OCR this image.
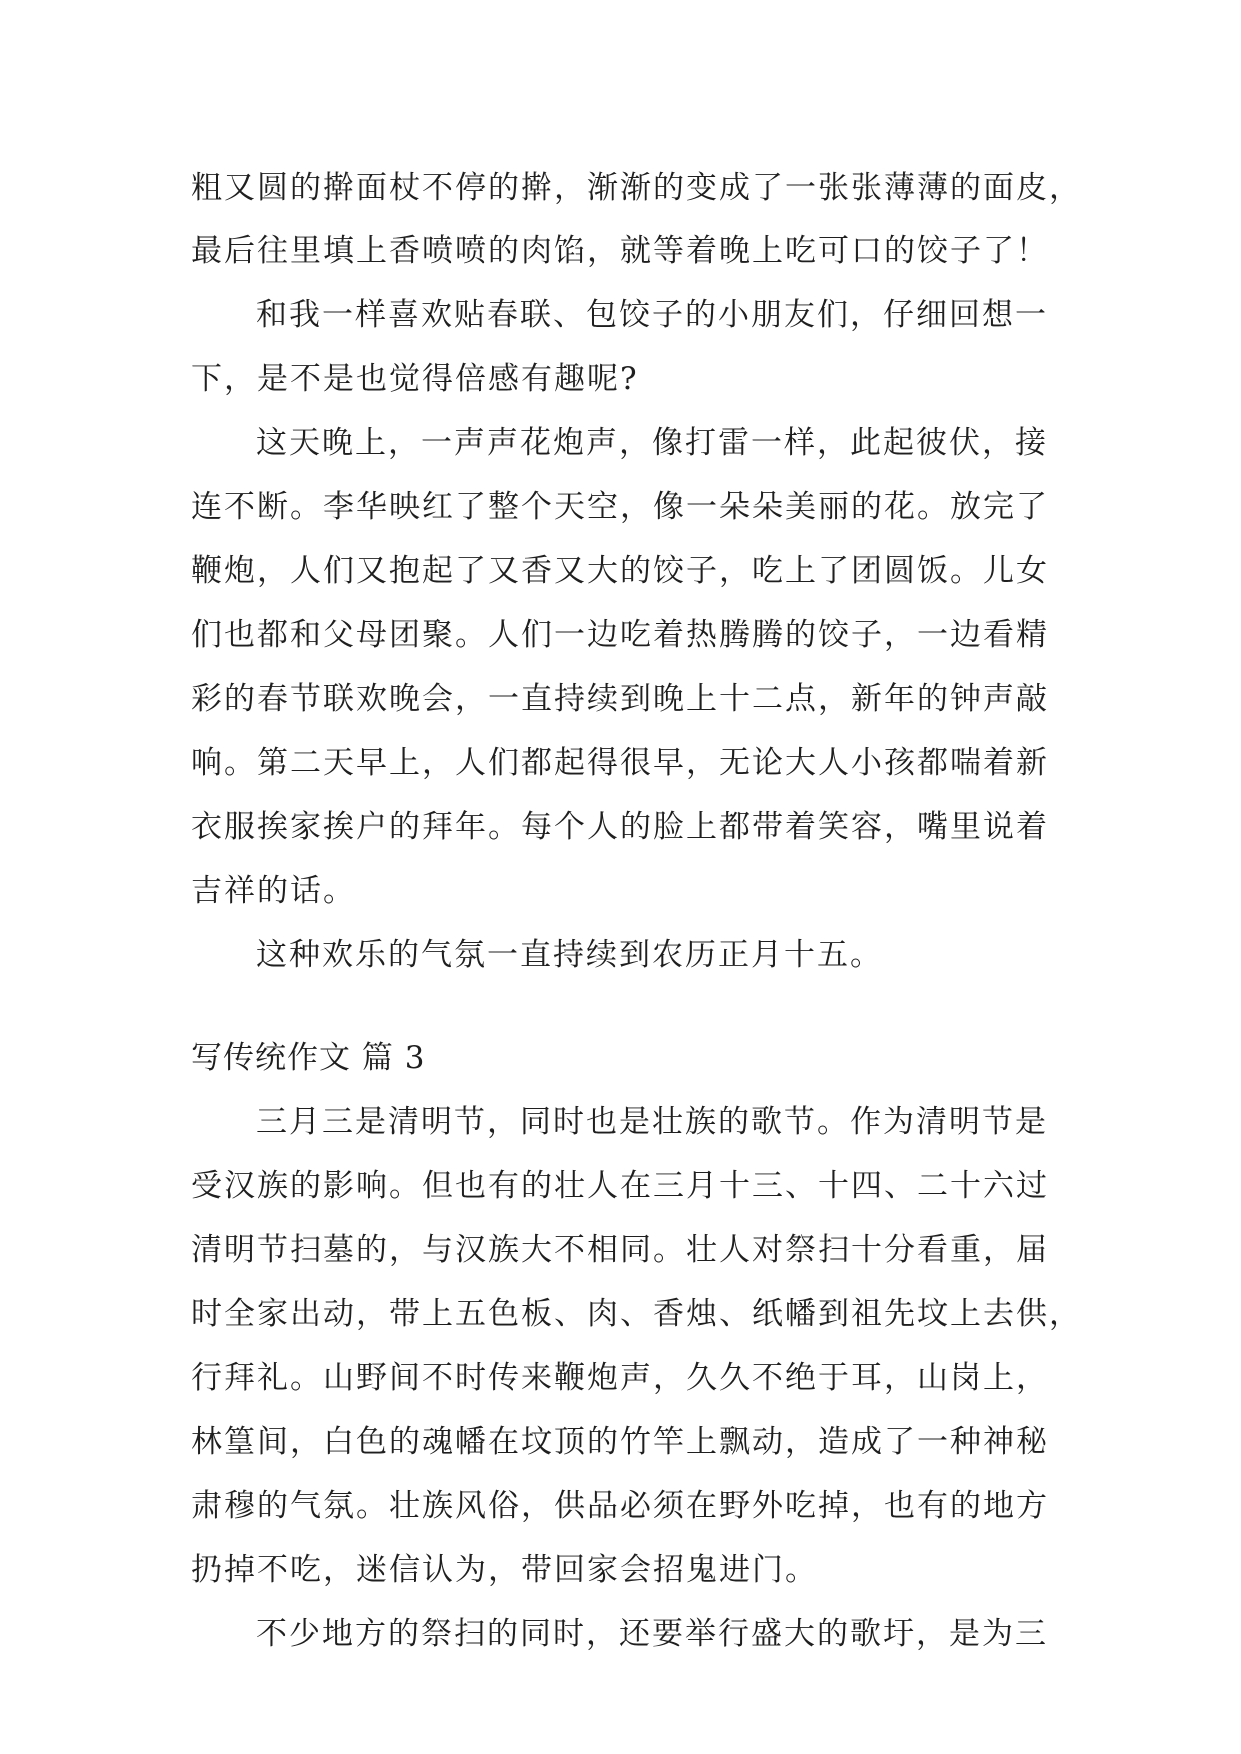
粗又圆的擀面杖不停的擀，渐渐的变成了一张张薄薄的面皮，
最后往里填上香喷喷的肉馅，就等着晚上吃可口的饺子了！
和我一样喜欢贴春联、包饺子的小朋友们，仔细回想一
下，是不是也觉得倍感有趣呢?
这天晚上，一声声花炮声，像打雷一样，此起彼伏，接
连不断。李华映红了整个天空，像一朵朵美丽的花。放完了
鞭炮，人们又抱起了又香又大的饺子，吃上了团圆饭。儿女
们也都和父母团聚。人们一边吃着热腾腾的饺子，一边看精
彩的春节联欢晚会，一直持续到晚上十二点，新年的钟声敲
响。第二天早上，人们都起得很早，无论大人小孩都喘着新
衣服挨家挨户的拜年。每个人的脸上都带着笑容，嘴里说着
吉祥的话。
这种欢乐的气氛一直持续到农历正月十五。
写传统作文 篇 3
三月三是清明节，同时也是壮族的歌节。作为清明节是
受汉族的影响。但也有的壮人在三月十三、十四、二十六过
清明节扫墓的，与汉族大不相同。壮人对祭扫十分看重，届
时全家出动，带上五色板、肉、香烛、纸幡到祖先坟上去供，
行拜礼。山野间不时传来鞭炮声，久久不绝于耳，山岗上，
林篁间，白色的魂幡在坟顶的竹竿上飘动，造成了一种神秘
肃穆的气氛。壮族风俗，供品必须在野外吃掉，也有的地方
扔掉不吃，迷信认为，带回家会招鬼进门。
不少地方的祭扫的同时，还要举行盛大的歌圩，是为三
